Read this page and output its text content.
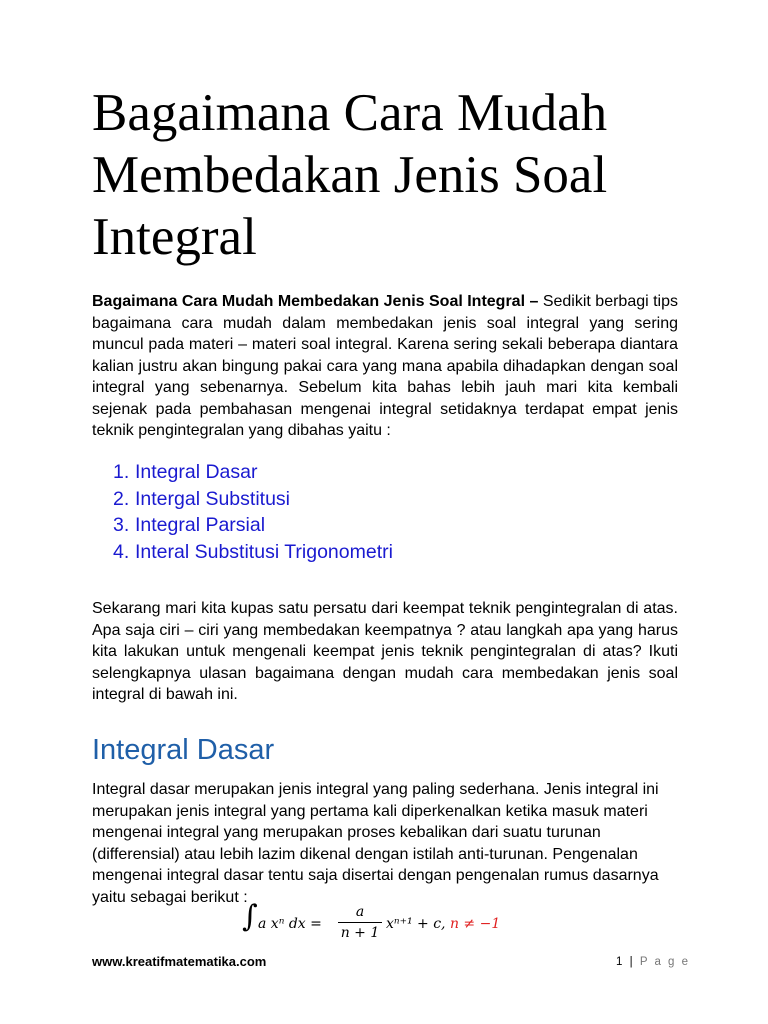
Bagaimana Cara Mudah Membedakan Jenis Soal Integral

Bagaimana Cara Mudah Membedakan Jenis Soal Integral – Sedikit berbagi tips bagaimana cara mudah dalam membedakan jenis soal integral yang sering muncul pada materi – materi soal integral. Karena sering sekali beberapa diantara kalian justru akan bingung pakai cara yang mana apabila dihadapkan dengan soal integral yang sebenarnya. Sebelum kita bahas lebih jauh mari kita kembali sejenak pada pembahasan mengenai integral setidaknya terdapat empat jenis teknik pengintegralan yang dibahas yaitu :

1. Integral Dasar
2. Intergal Substitusi
3. Integral Parsial
4. Interal Substitusi Trigonometri

Sekarang mari kita kupas satu persatu dari keempat teknik pengintegralan di atas. Apa saja ciri – ciri yang membedakan keempatnya ? atau langkah apa yang harus kita lakukan untuk mengenali keempat jenis teknik pengintegralan di atas? Ikuti selengkapnya ulasan bagaimana dengan mudah cara membedakan jenis soal integral di bawah ini.

Integral Dasar

Integral dasar merupakan jenis integral yang paling sederhana. Jenis integral ini merupakan jenis integral yang pertama kali diperkenalkan ketika masuk materi mengenai integral yang merupakan proses kebalikan dari suatu turunan (differensial) atau lebih lazim dikenal dengan istilah anti-turunan. Pengenalan mengenai integral dasar tentu saja disertai dengan pengenalan rumus dasarnya yaitu sebagai berikut :

∫ a xⁿ dx =
a
n + 1
xⁿ⁺¹ + c, n ≠ −1
www.kreatifmatematika.com	1 | P a g e
